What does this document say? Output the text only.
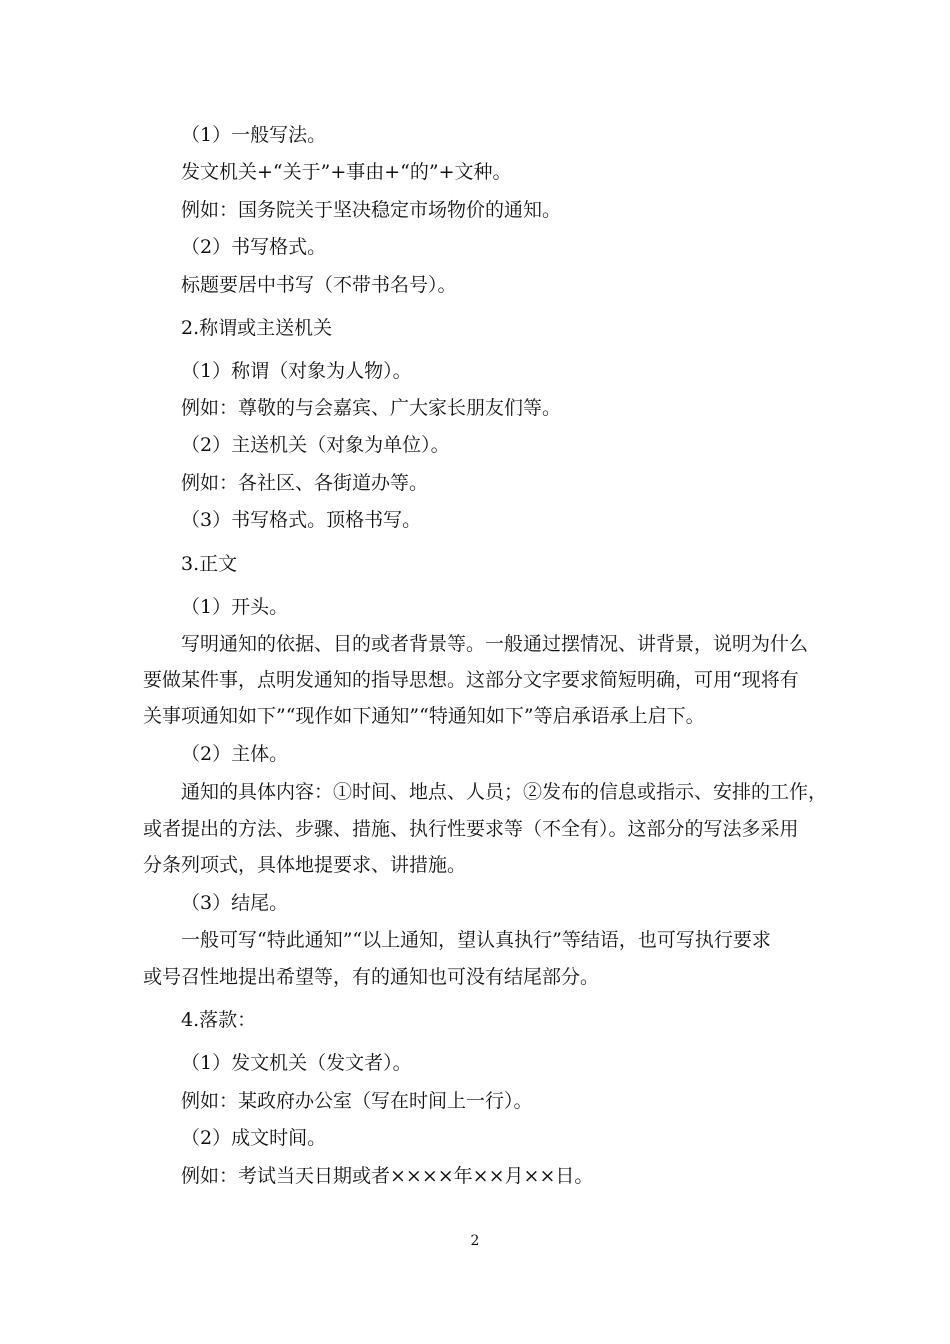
（1）一般写法。
发文机关+“关于”+事由+“的”+文种。
例如：国务院关于坚决稳定市场物价的通知。
（2）书写格式。
标题要居中书写（不带书名号）。
2.称谓或主送机关
（1）称谓（对象为人物）。
例如：尊敬的与会嘉宾、广大家长朋友们等。
（2）主送机关（对象为单位）。
例如：各社区、各街道办等。
（3）书写格式。顶格书写。
3.正文
（1）开头。
写明通知的依据、目的或者背景等。一般通过摆情况、讲背景，说明为什么
要做某件事，点明发通知的指导思想。这部分文字要求简短明确，可用“现将有
关事项通知如下”“现作如下通知”“特通知如下”等启承语承上启下。
（2）主体。
通知的具体内容：①时间、地点、人员；②发布的信息或指示、安排的工作，
或者提出的方法、步骤、措施、执行性要求等（不全有）。这部分的写法多采用
分条列项式，具体地提要求、讲措施。
（3）结尾。
一般可写“特此通知”“以上通知，望认真执行”等结语，也可写执行要求
或号召性地提出希望等，有的通知也可没有结尾部分。
4.落款：
（1）发文机关（发文者）。
例如：某政府办公室（写在时间上一行）。
（2）成文时间。
例如：考试当天日期或者××××年××月××日。
2
